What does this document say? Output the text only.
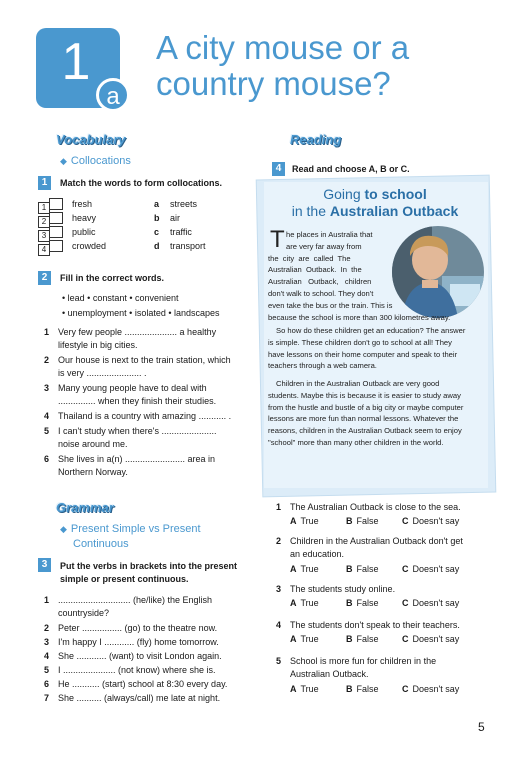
1
a
A city mouse or a
country mouse?
Vocabulary
◆ Collocations
1	Match the words to form collocations.
1	fresh	a streets
2	heavy	b air
3	public	c traffic
4	crowded	d transport
2	Fill in the correct words.
• lead • constant • convenient
• unemployment • isolated • landscapes
1 Very few people ..................... a healthy
lifestyle in big cities.
2 Our house is next to the train station, which
is very ...................... .
3 Many young people have to deal with
............... when they finish their studies.
4 Thailand is a country with amazing ........... .
5 I can't study when there's ......................
noise around me.
6 She lives in a(n) ........................ area in
Northern Norway.
Grammar
◆ Present Simple vs Present
Continuous
3	Put the verbs in brackets into the present
simple or present continuous.
1 ............................. (he/like) the English
countryside?
2 Peter ................ (go) to the theatre now.
3 I'm happy I ............ (fly) home tomorrow.
4 She ............ (want) to visit London again.
5 I ..................... (not know) where she is.
6 He ........... (start) school at 8:30 every day.
7 She .......... (always/call) me late at night.
Reading
4	Read and choose A, B or C.
Going to school
in the Australian Outback
T he places in Australia that
are very far away from
the  city  are  called  The
Australian  Outback.  In  the
Australian   Outback,   children
don't walk to school. They don't
even take the bus or the train. This is
because the school is more than 300 kilometres away.
So how do these children get an education? The answer
is simple. These children don't go to school at all! They
have lessons on their home computer and speak to their
teachers through a web camera.
Children in the Australian Outback are very good
students. Maybe this is because it is easier to study away
from the hustle and bustle of a big city or maybe computer
lessons are more fun than normal lessons. Whatever the
reasons, children in the Australian Outback seem to enjoy
"school" more than many other children in the world.
1 The Australian Outback is close to the sea.
A True	B False	C Doesn't say
2 Children in the Australian Outback don't get
an education.
A True	B False	C Doesn't say
3 The students study online.
A True	B False	C Doesn't say
4 The students don't speak to their teachers.
A True	B False	C Doesn't say
5 School is more fun for children in the
Australian Outback.
A True	B False	C Doesn't say
5
